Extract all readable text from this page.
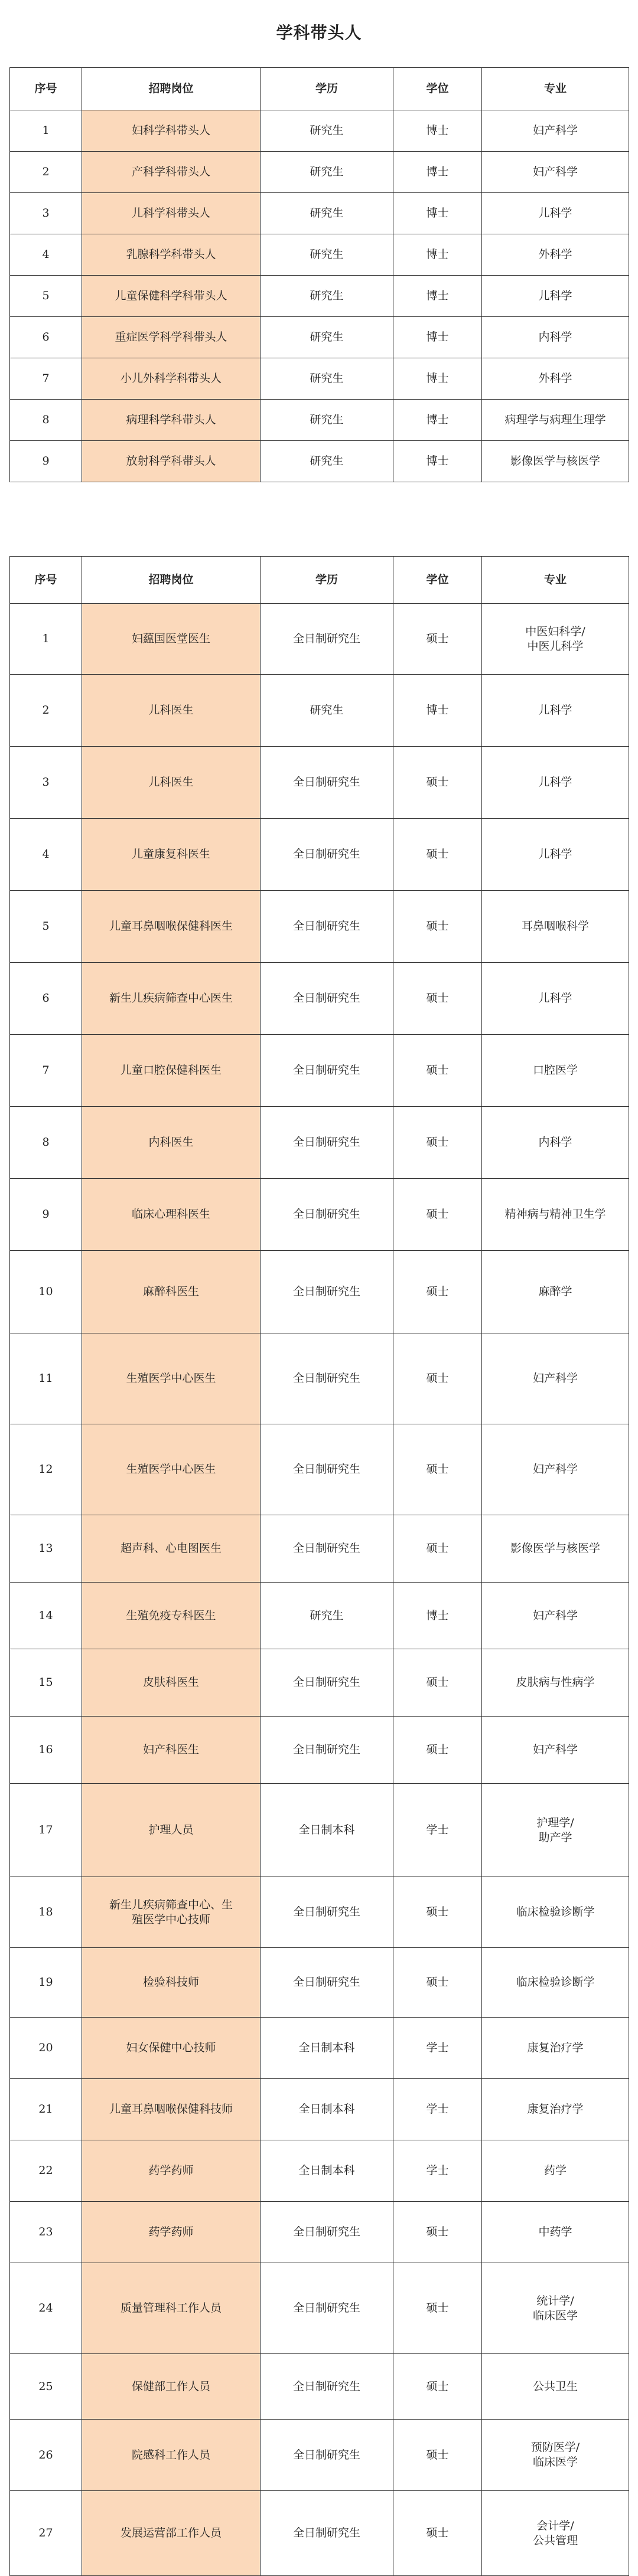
学科带头人
序号	招聘岗位	学历	学位	专业
1	妇科学科带头人	研究生	博士	妇产科学
2	产科学科带头人	研究生	博士	妇产科学
3	儿科学科带头人	研究生	博士	儿科学
4	乳腺科学科带头人	研究生	博士	外科学
5	儿童保健科学科带头人	研究生	博士	儿科学
6	重症医学科学科带头人	研究生	博士	内科学
7	小儿外科学科带头人	研究生	博士	外科学
8	病理科学科带头人	研究生	博士	病理学与病理生理学
9	放射科学科带头人	研究生	博士	影像医学与核医学
序号	招聘岗位	学历	学位	专业
1	妇藴国医堂医生	全日制研究生	硕士	中医妇科学/
中医儿科学
2	儿科医生	研究生	博士	儿科学
3	儿科医生	全日制研究生	硕士	儿科学
4	儿童康复科医生	全日制研究生	硕士	儿科学
5	儿童耳鼻咽喉保健科医生	全日制研究生	硕士	耳鼻咽喉科学
6	新生儿疾病筛查中心医生	全日制研究生	硕士	儿科学
7	儿童口腔保健科医生	全日制研究生	硕士	口腔医学
8	内科医生	全日制研究生	硕士	内科学
9	临床心理科医生	全日制研究生	硕士	精神病与精神卫生学
10	麻醉科医生	全日制研究生	硕士	麻醉学
11	生殖医学中心医生	全日制研究生	硕士	妇产科学
12	生殖医学中心医生	全日制研究生	硕士	妇产科学
13	超声科、心电图医生	全日制研究生	硕士	影像医学与核医学
14	生殖免疫专科医生	研究生	博士	妇产科学
15	皮肤科医生	全日制研究生	硕士	皮肤病与性病学
16	妇产科医生	全日制研究生	硕士	妇产科学
17	护理人员	全日制本科	学士	护理学/
助产学
18	新生儿疾病筛查中心、生
殖医学中心技师	全日制研究生	硕士	临床检验诊断学
19	检验科技师	全日制研究生	硕士	临床检验诊断学
20	妇女保健中心技师	全日制本科	学士	康复治疗学
21	儿童耳鼻咽喉保健科技师	全日制本科	学士	康复治疗学
22	药学药师	全日制本科	学士	药学
23	药学药师	全日制研究生	硕士	中药学
24	质量管理科工作人员	全日制研究生	硕士	统计学/
临床医学
25	保健部工作人员	全日制研究生	硕士	公共卫生
26	院感科工作人员	全日制研究生	硕士	预防医学/
临床医学
27	发展运营部工作人员	全日制研究生	硕士	会计学/
公共管理
